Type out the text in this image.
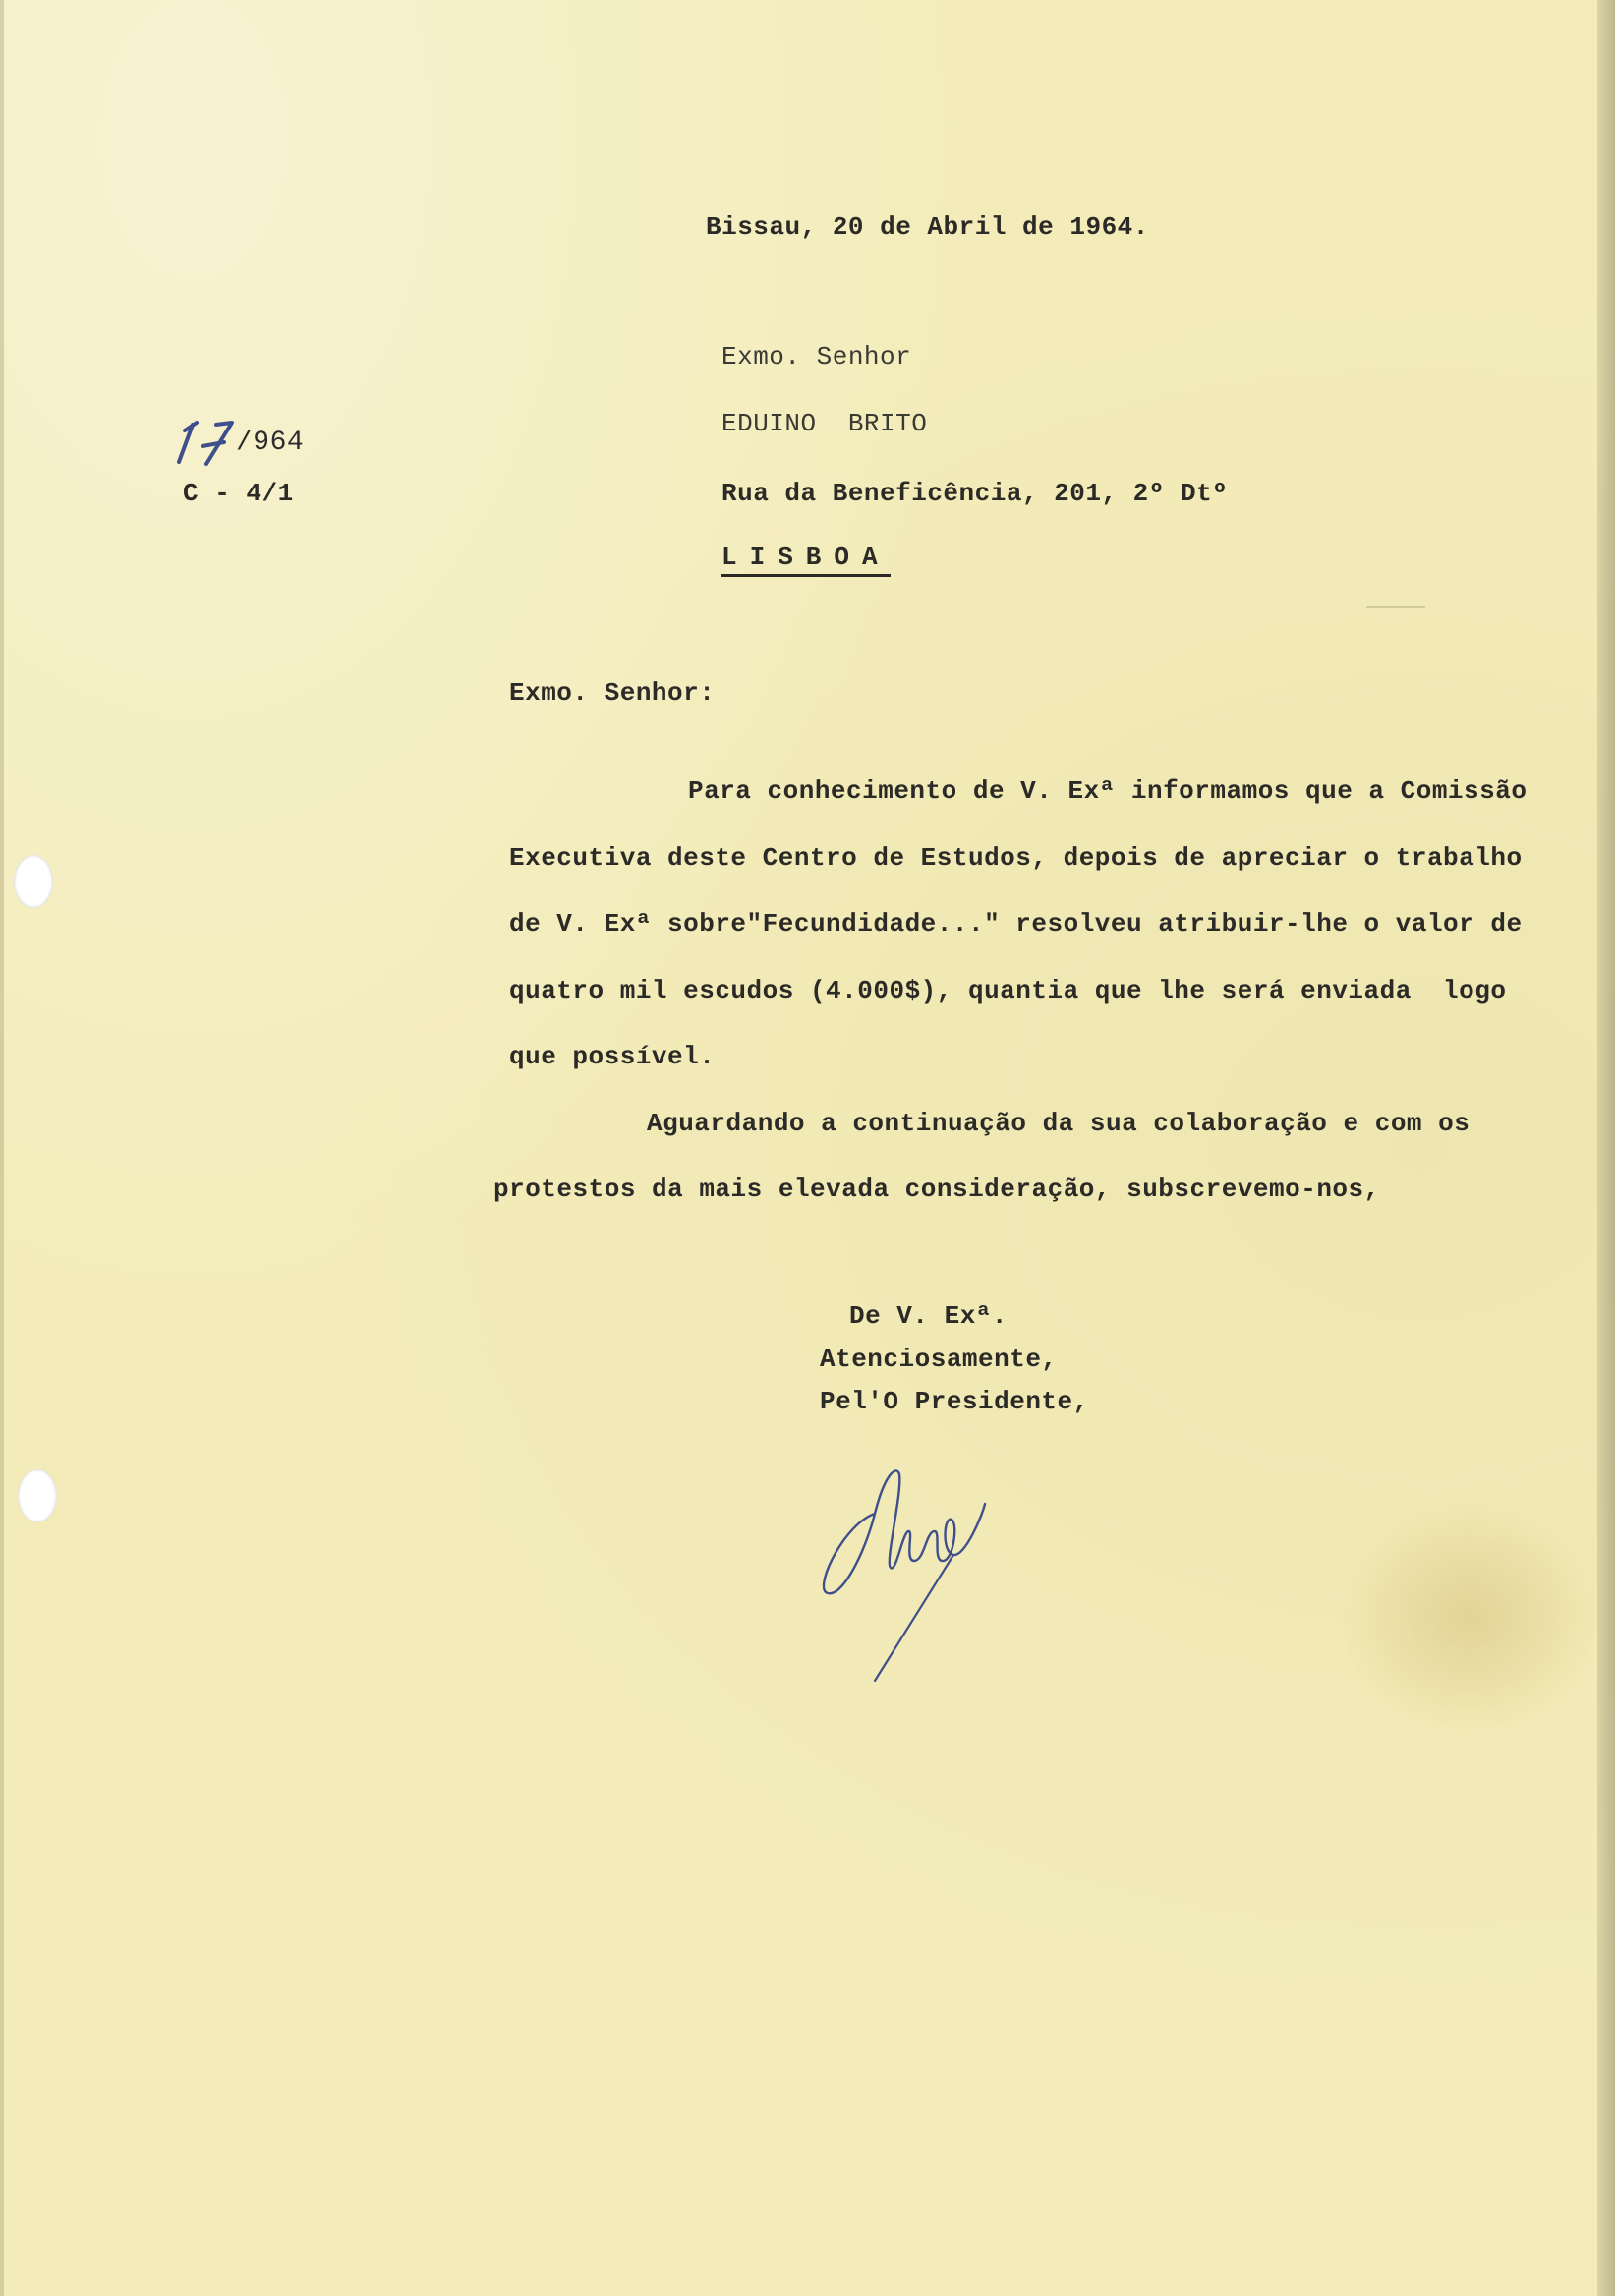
Bissau, 20 de Abril de 1964.
Exmo. Senhor
EDUINO  BRITO
Rua da Beneficência, 201, 2º Dtº
LISBOA
/964
C - 4/1
Exmo. Senhor:
Para conhecimento de V. Exª informamos que a Comissão
Executiva deste Centro de Estudos, depois de apreciar o trabalho
de V. Exª sobre"Fecundidade..." resolveu atribuir-lhe o valor de
quatro mil escudos (4.000$), quantia que lhe será enviada  logo
que possível.
Aguardando a continuação da sua colaboração e com os
protestos da mais elevada consideração, subscrevemo-nos,
De V. Exª.
Atenciosamente,
Pel'O Presidente,
